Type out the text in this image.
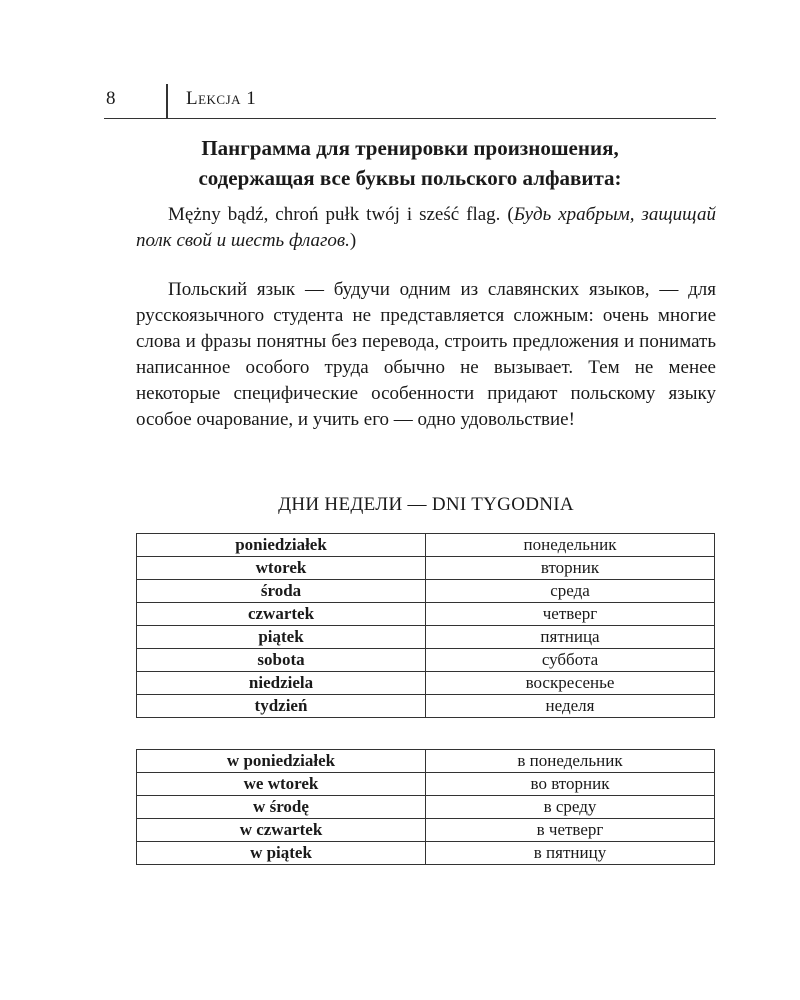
8	Lekcja 1
Панграмма для тренировки произношения,
содержащая все буквы польского алфавита:
Mężny bądź, chroń pułk twój i sześć flag. (Будь храбрым, защищай полк свой и шесть флагов.)
Польский язык — будучи одним из славянских языков, — для русскоязычного студента не представляется сложным: очень многие слова и фразы понятны без перевода, строить предложения и понимать написанное особого труда обычно не вызывает. Тем не менее некоторые специфические особенности придают польскому языку особое очарование, и учить его — одно удовольствие!
ДНИ НЕДЕЛИ — DNI TYGODNIA
poniedziałek	понедельник
wtorek	вторник
środa	среда
czwartek	четверг
piątek	пятница
sobota	суббота
niedziela	воскресенье
tydzień	неделя
w poniedziałek	в понедельник
we wtorek	во вторник
w środę	в среду
w czwartek	в четверг
w piątek	в пятницу
